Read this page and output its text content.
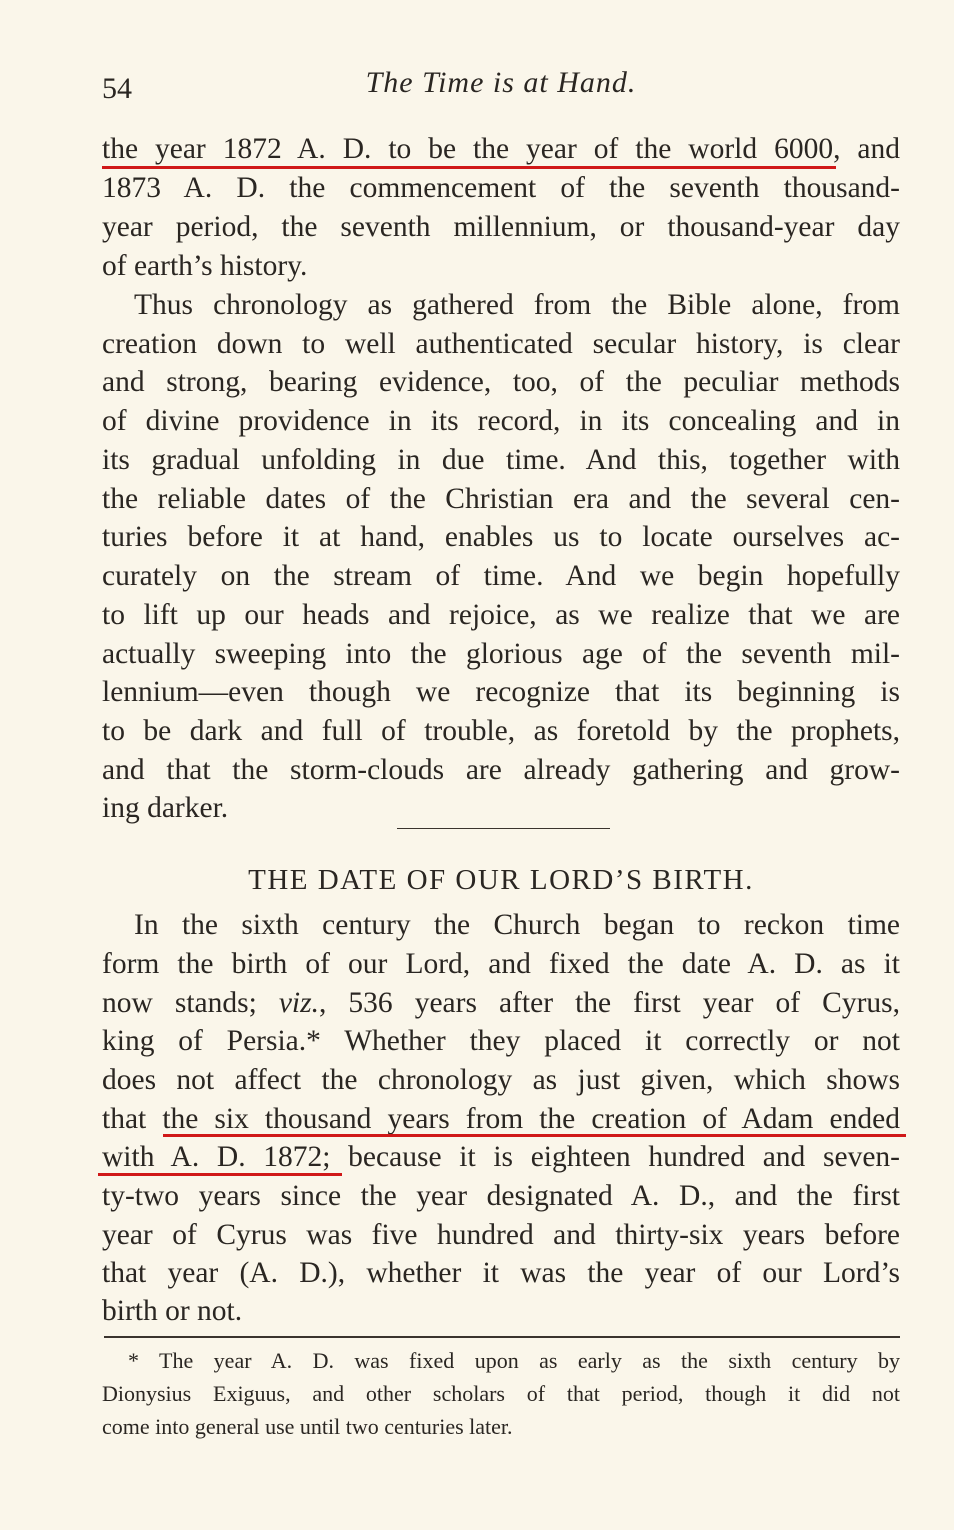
54	The Time is at Hand.
the year 1872 A. D. to be the year of the world 6000, and
1873 A. D. the commencement of the seventh thousand-
year period, the seventh millennium, or thousand-year day
of earth’s history.
Thus chronology as gathered from the Bible alone, from
creation down to well authenticated secular history, is clear
and strong, bearing evidence, too, of the peculiar methods
of divine providence in its record, in its concealing and in
its gradual unfolding in due time. And this, together with
the reliable dates of the Christian era and the several cen-
turies before it at hand, enables us to locate ourselves ac-
curately on the stream of time. And we begin hopefully
to lift up our heads and rejoice, as we realize that we are
actually sweeping into the glorious age of the seventh mil-
lennium—even though we recognize that its beginning is
to be dark and full of trouble, as foretold by the prophets,
and that the storm-clouds are already gathering and grow-
ing darker.
THE DATE OF OUR LORD’S BIRTH.
In the sixth century the Church began to reckon time
form the birth of our Lord, and fixed the date A. D. as it
now stands; viz., 536 years after the first year of Cyrus,
king of Persia.* Whether they placed it correctly or not
does not affect the chronology as just given, which shows
that the six thousand years from the creation of Adam ended
with A. D. 1872; because it is eighteen hundred and seven-
ty-two years since the year designated A. D., and the first
year of Cyrus was five hundred and thirty-six years before
that year (A. D.), whether it was the year of our Lord’s
birth or not.
* The year A. D. was fixed upon as early as the sixth century by
Dionysius Exiguus, and other scholars of that period, though it did not
come into general use until two centuries later.
